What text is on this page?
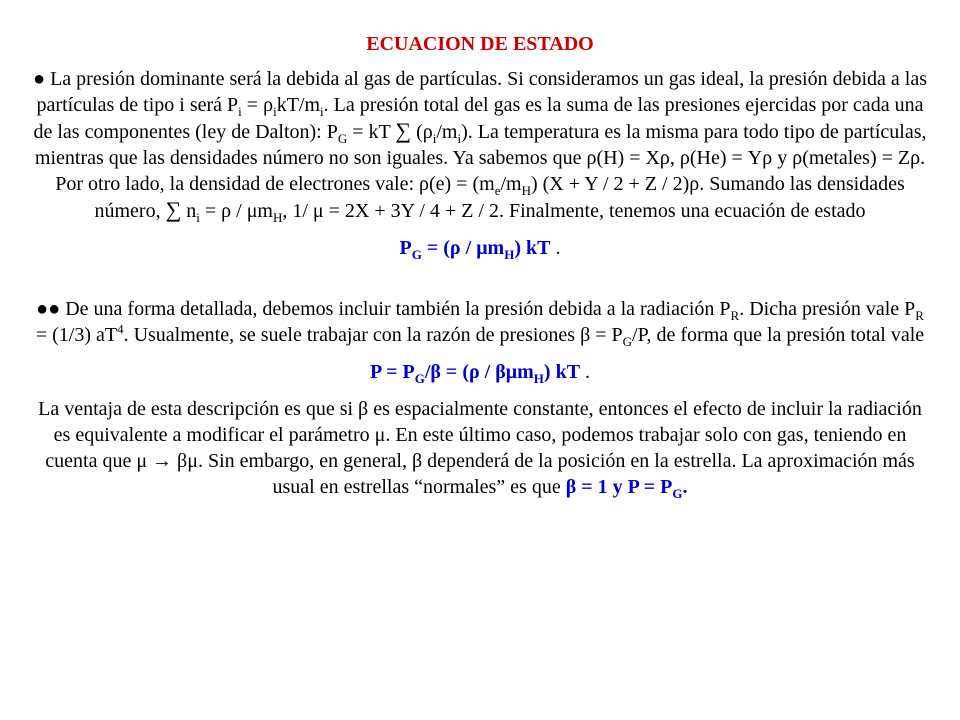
ECUACION DE ESTADO

● La presión dominante será la debida al gas de partículas. Si consideramos un gas ideal, la presión debida a las partículas de tipo i será $P_i = \rho_ikT/m_i$. La presión total del gas es la suma de las presiones ejercidas por cada una de las componentes (ley de Dalton): $P_G$ = kT ∑ $(\rho_i/m_i)$. La temperatura es la misma para todo tipo de partículas, mientras que las densidades número no son iguales. Ya sabemos que ρ(H) = Xρ, ρ(He) = Yρ y ρ(metales) = Zρ. Por otro lado, la densidad de electrones vale: $\rho(e) = (m_e/m_H) (X + Y / 2 + Z / 2)\rho$. Sumando las densidades número, ∑ $n_i = \rho / \mu m_H$, 1/ μ = 2X + 3Y / 4 + Z / 2. Finalmente, tenemos una ecuación de estado

$P_G = (\rho / \mu m_H)$ kT .

●● De una forma detallada, debemos incluir también la presión debida a la radiación $P_R$. Dicha presión vale $P_R = (1/3)$ $aT^4$. Usualmente, se suele trabajar con la razón de presiones $\beta = P_G/P$, de forma que la presión total vale

$P = P_G/\beta = (\rho / \beta\mu m_H)$ kT .

La ventaja de esta descripción es que si β es espacialmente constante, entonces el efecto de incluir la radiación es equivalente a modificar el parámetro μ. En este último caso, podemos trabajar solo con gas, teniendo en cuenta que μ → βμ. Sin embargo, en general, β dependerá de la posición en la estrella. La aproximación más usual en estrellas “normales” es que β = 1 y $P = P_G$.
